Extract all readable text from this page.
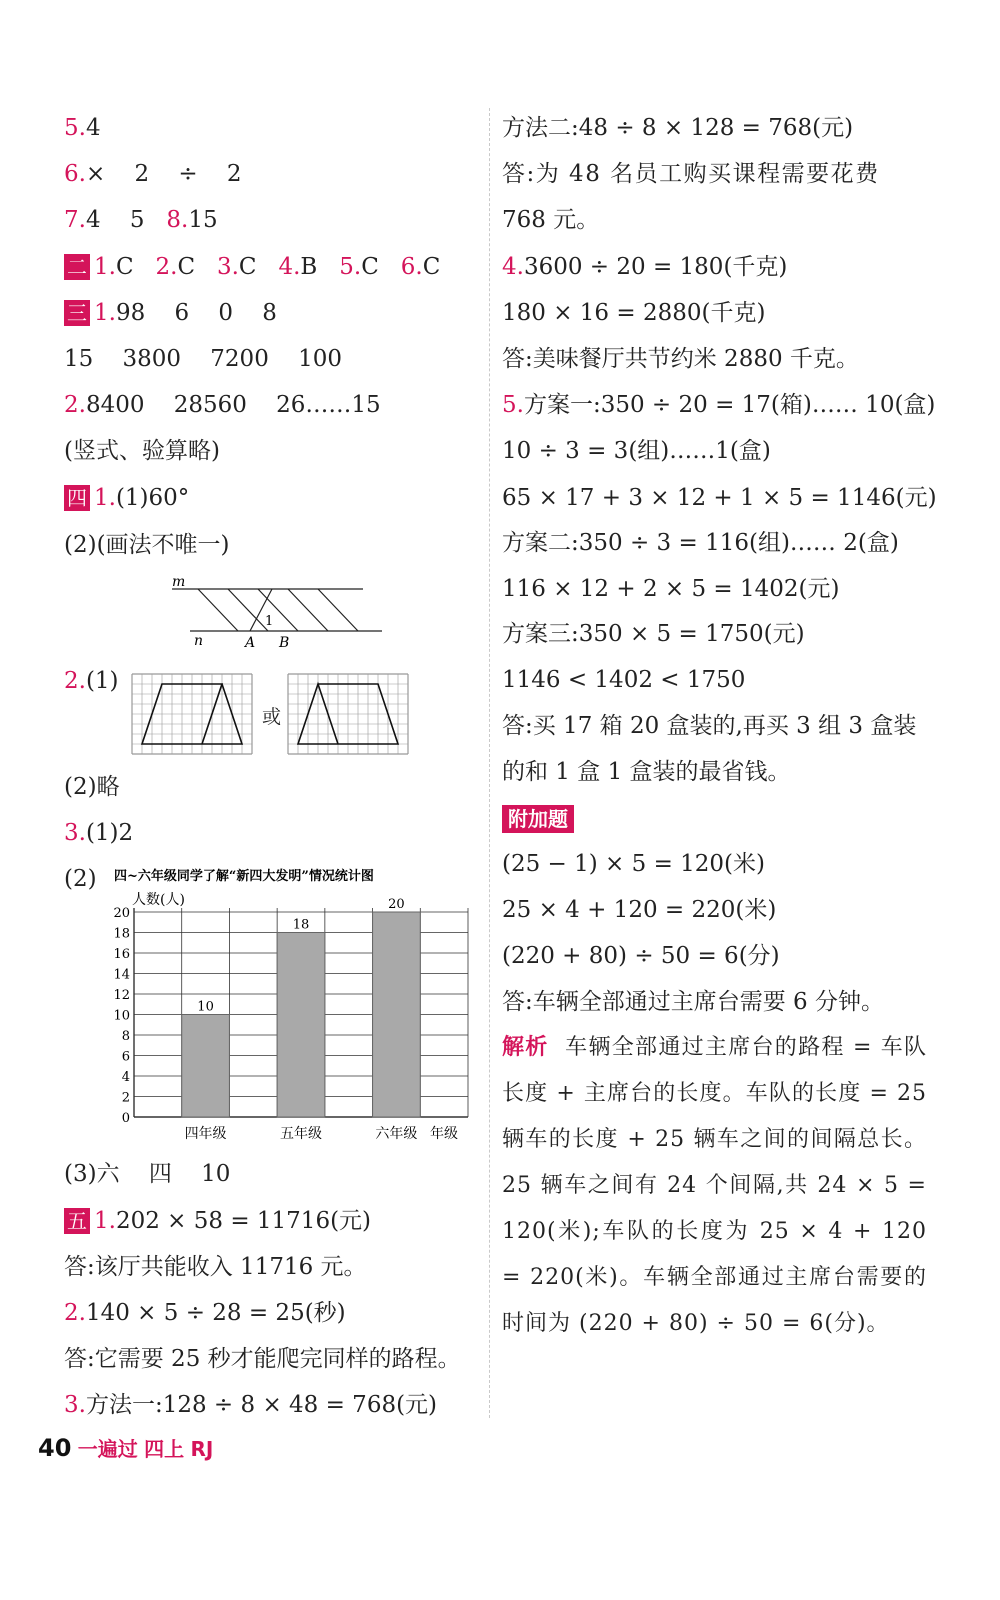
5.4
6.×    2    ÷    2
7.4    5   8.15
二 1.C   2.C   3.C   4.B   5.C   6.C
三 1.98    6    0    8
15    3800    7200    100
2.8400    28560    26……15
(竖式、验算略)
四 1.(1)60°
(2)(画法不唯一)
m
n
1
A B
2.(1)
或
(2)略
3.(1)2
(2) 四~六年级同学了解“新四大发明”情况统计图
人数(人)
年级
10
18
20
0
2
4
6
8
10
12
14
16
18
20
四年级	五年级	六年级
(3)六    四    10
五 1.202 × 58 = 11716(元)
答:该厅共能收入 11716 元。
2.140 × 5 ÷ 28 = 25(秒)
答:它需要 25 秒才能爬完同样的路程。
3.方法一:128 ÷ 8 × 48 = 768(元)
方法二:48 ÷ 8 × 128 = 768(元)
答:为 48 名员工购买课程需要花费
768 元。
4.3600 ÷ 20 = 180(千克)
180 × 16 = 2880(千克)
答:美味餐厅共节约米 2880 千克。
5.方案一:350 ÷ 20 = 17(箱)…… 10(盒)
10 ÷ 3 = 3(组)……1(盒)
65 × 17 + 3 × 12 + 1 × 5 = 1146(元)
方案二:350 ÷ 3 = 116(组)…… 2(盒)
116 × 12 + 2 × 5 = 1402(元)
方案三:350 × 5 = 1750(元)
1146 < 1402 < 1750
答:买 17 箱 20 盒装的,再买 3 组 3 盒装
的和 1 盒 1 盒装的最省钱。
附加题
(25 − 1) × 5 = 120(米)
25 × 4 + 120 = 220(米)
(220 + 80) ÷ 50 = 6(分)
答:车辆全部通过主席台需要 6 分钟。
解析 车辆全部通过主席台的路程 = 车队长度 + 主席台的长度。车队的长度 = 25 辆车的长度 + 25 辆车之间的间隔总长。25 辆车之间有 24 个间隔,共 24 × 5 = 120(米);车队的长度为 25 × 4 + 120 = 220(米)。车辆全部通过主席台需要的时间为 (220 + 80) ÷ 50 = 6(分)。
40 一遍过 四上 RJ
